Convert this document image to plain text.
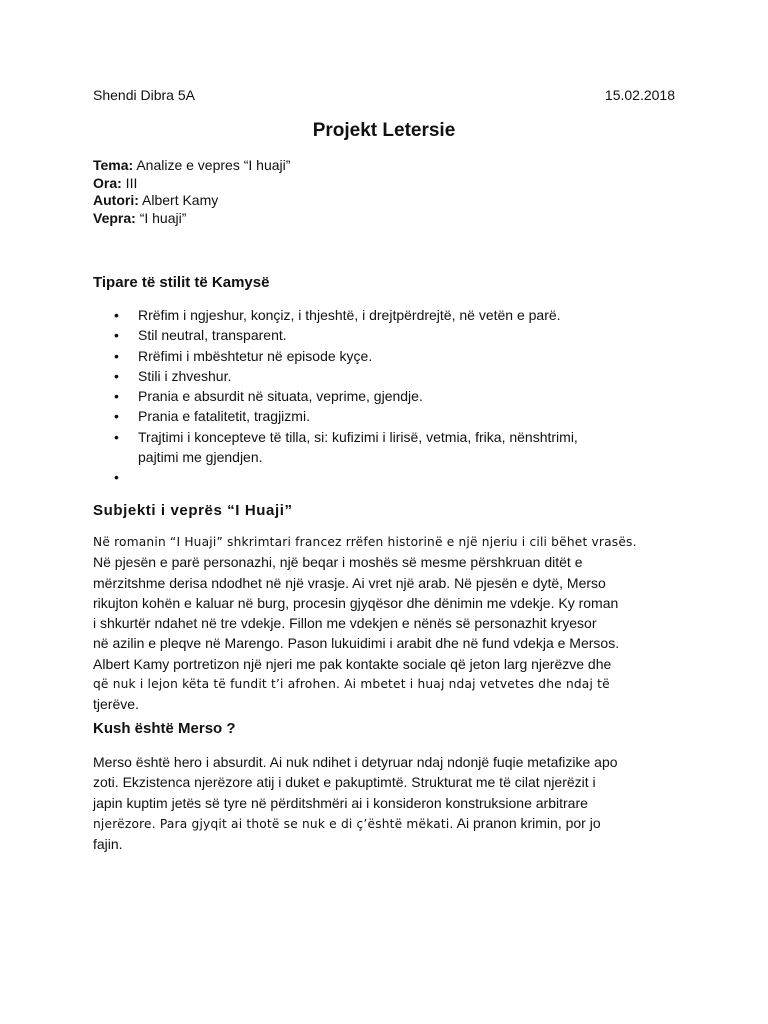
Shendi Dibra 5A	15.02.2018
Projekt Letersie
Tema: Analize e vepres “I huaji”
Ora: III
Autori: Albert Kamy
Vepra: “I huaji”
Tipare të stilit të Kamysë
• Rrëfim i ngjeshur, konçiz, i thjeshtë, i drejtpërdrejtë, në vetën e parë.
• Stil neutral, transparent.
• Rrëfimi i mbështetur në episode kyçe.
• Stili i zhveshur.
• Prania e absurdit në situata, veprime, gjendje.
• Prania e fatalitetit, tragjizmi.
• Trajtimi i koncepteve të tilla, si: kufizimi i lirisë, vetmia, frika, nënshtrimi,
pajtimi me gjendjen.
•

Subjekti i veprës “I Huaji”
Në romanin “I Huaji” shkrimtari francez rrëfen historinë e një njeriu i cili bëhet vrasës.
Në pjesën e parë personazhi, një beqar i moshës së mesme përshkruan ditët e
mërzitshme derisa ndodhet në një vrasje. Ai vret një arab. Në pjesën e dytë, Merso
rikujton kohën e kaluar në burg, procesin gjyqësor dhe dënimin me vdekje. Ky roman
i shkurtër ndahet në tre vdekje. Fillon me vdekjen e nënës së personazhit kryesor
në azilin e pleqve në Marengo. Pason lukuidimi i arabit dhe në fund vdekja e Mersos.
Albert Kamy portretizon një njeri me pak kontakte sociale që jeton larg njerëzve dhe
që nuk i lejon këta të fundit t’i afrohen. Ai mbetet i huaj ndaj vetvetes dhe ndaj të
tjerëve.
Kush është Merso ?
Merso është hero i absurdit. Ai nuk ndihet i detyruar ndaj ndonjë fuqie metafizike apo
zoti. Ekzistenca njerëzore atij i duket e pakuptimtë. Strukturat me të cilat njerëzit i
japin kuptim jetës së tyre në përditshmëri ai i konsideron konstruksione arbitrare
njerëzore. Para gjyqit ai thotë se nuk e di ç’është mëkati. Ai pranon krimin, por jo
fajin.
